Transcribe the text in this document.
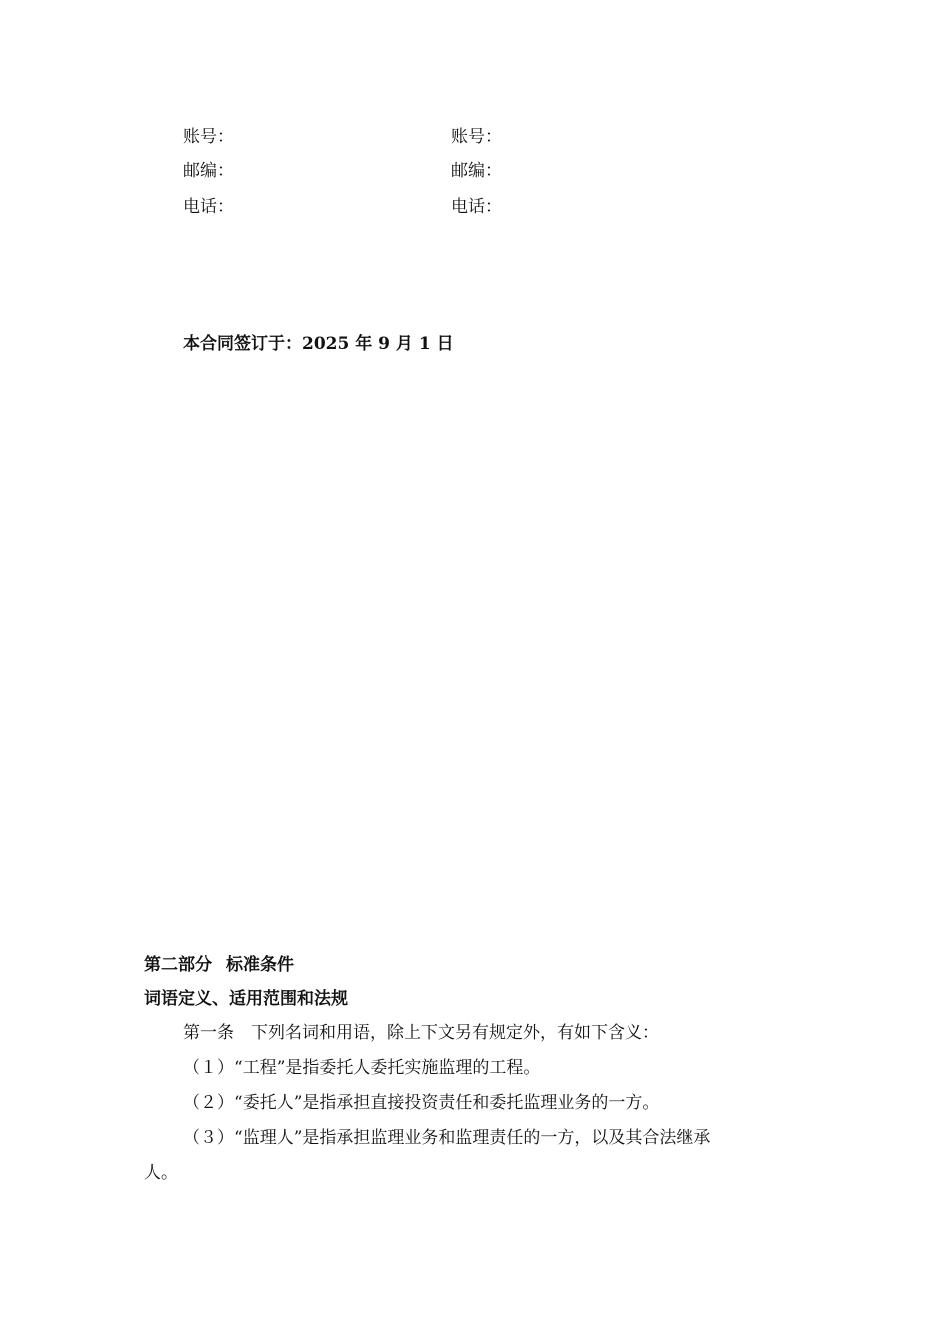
账号：	账号：
邮编：	邮编：
电话：	电话：
本合同签订于：2025 年 9 月 1 日
第二部分 标准条件
词语定义、适用范围和法规
第一条　下列名词和用语，除上下文另有规定外，有如下含义：
（１）“工程”是指委托人委托实施监理的工程。
（２）“委托人”是指承担直接投资责任和委托监理业务的一方。
（３）“监理人”是指承担监理业务和监理责任的一方，以及其合法继承
人。
